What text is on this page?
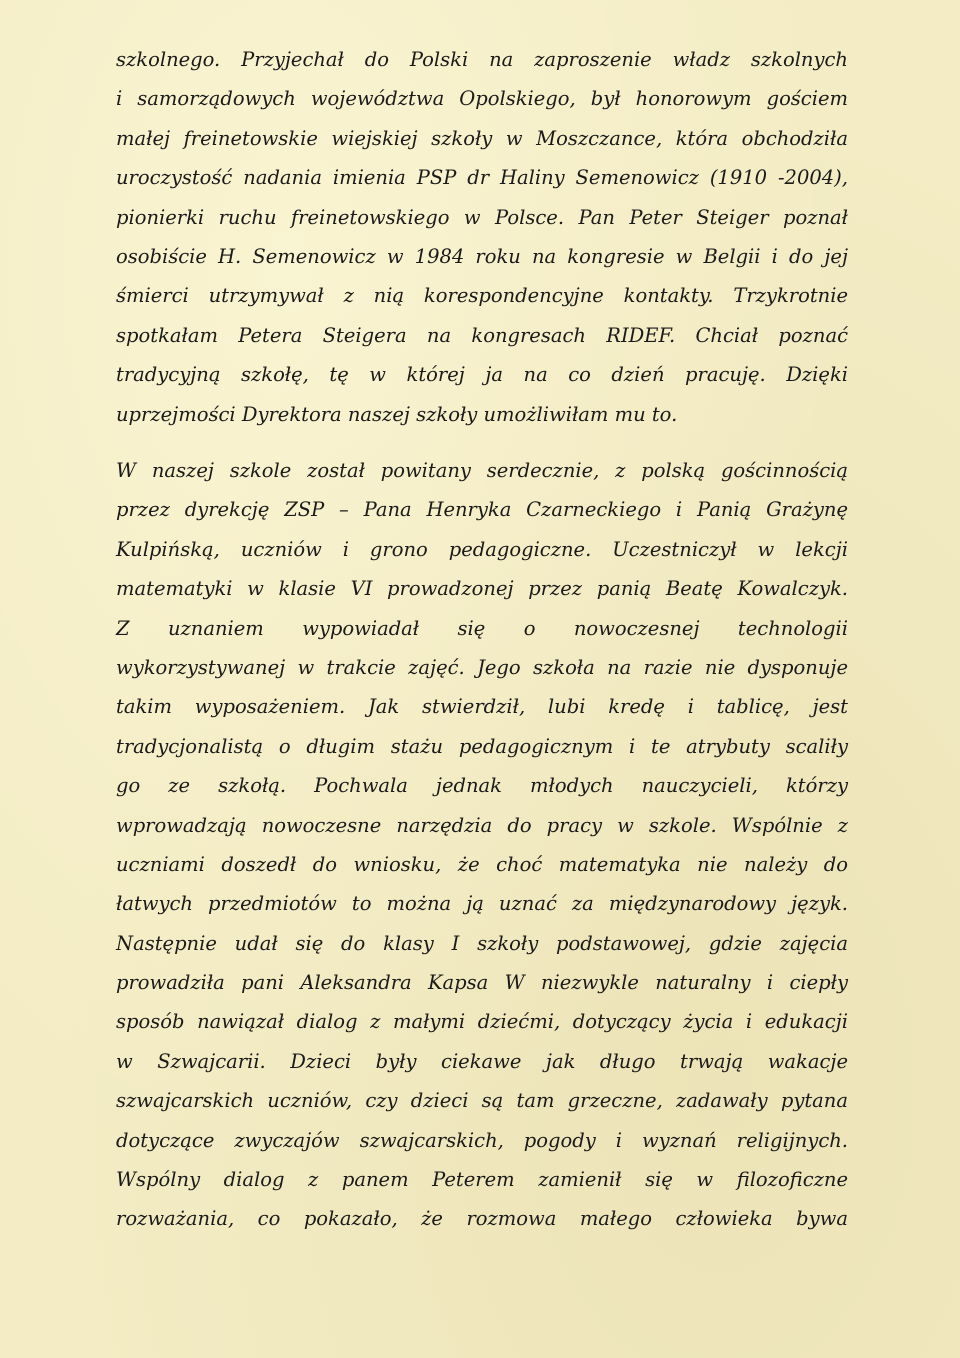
szkolnego. Przyjechał do Polski na zaproszenie władz szkolnych
i samorządowych województwa Opolskiego, był honorowym gościem
małej freinetowskie wiejskiej szkoły w Moszczance, która obchodziła
uroczystość nadania imienia PSP dr Haliny Semenowicz (1910 -2004),
pionierki ruchu freinetowskiego w Polsce. Pan Peter Steiger poznał
osobiście H. Semenowicz w 1984 roku na kongresie w Belgii i do jej
śmierci utrzymywał z nią korespondencyjne kontakty. Trzykrotnie
spotkałam Petera Steigera na kongresach RIDEF. Chciał poznać
tradycyjną szkołę, tę w której ja na co dzień pracuję. Dzięki
uprzejmości Dyrektora naszej szkoły umożliwiłam mu to.
W naszej szkole został powitany serdecznie, z polską gościnnością
przez dyrekcję ZSP – Pana Henryka Czarneckiego i Panią Grażynę
Kulpińską, uczniów i grono pedagogiczne. Uczestniczył w lekcji
matematyki w klasie VI prowadzonej przez panią Beatę Kowalczyk.
Z uznaniem wypowiadał się o nowoczesnej technologii
wykorzystywanej w trakcie zajęć. Jego szkoła na razie nie dysponuje
takim wyposażeniem. Jak stwierdził, lubi kredę i tablicę, jest
tradycjonalistą o długim stażu pedagogicznym i te atrybuty scaliły
go ze szkołą. Pochwala jednak młodych nauczycieli, którzy
wprowadzają nowoczesne narzędzia do pracy w szkole. Wspólnie z
uczniami doszedł do wniosku, że choć matematyka nie należy do
łatwych przedmiotów to można ją uznać za międzynarodowy język.
Następnie udał się do klasy I szkoły podstawowej, gdzie zajęcia
prowadziła pani Aleksandra Kapsa W niezwykle naturalny i ciepły
sposób nawiązał dialog z małymi dziećmi, dotyczący życia i edukacji
w Szwajcarii. Dzieci były ciekawe jak długo trwają wakacje
szwajcarskich uczniów, czy dzieci są tam grzeczne, zadawały pytana
dotyczące zwyczajów szwajcarskich, pogody i wyznań religijnych.
Wspólny dialog z panem Peterem zamienił się w filozoficzne
rozważania, co pokazało, że rozmowa małego człowieka bywa
